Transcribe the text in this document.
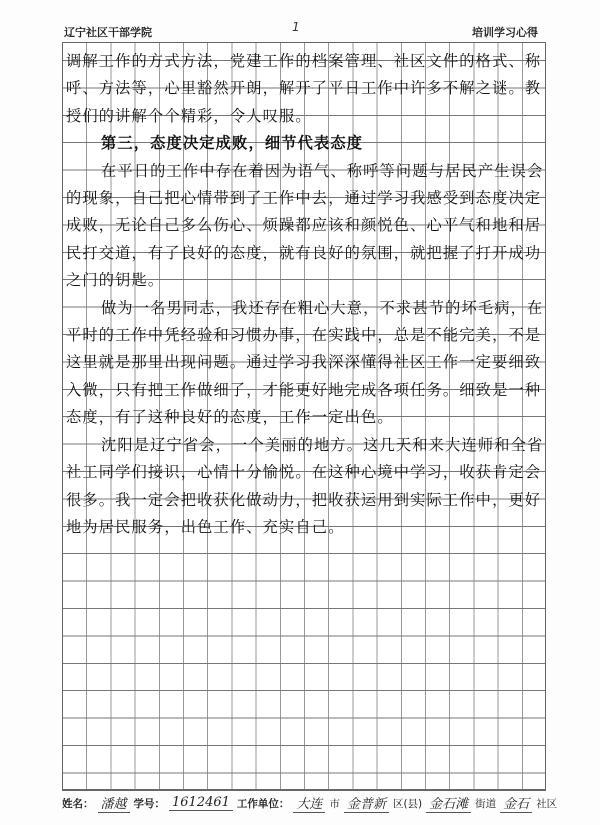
辽宁社区干部学院	1	培训学习心得

调解工作的方式方法，党建工作的档案管理、社区文件的格式、称呼、方法等，心里豁然开朗，解开了平日工作中许多不解之谜。教授们的讲解个个精彩，令人叹服。

第三，态度决定成败，细节代表态度

在平日的工作中存在着因为语气、称呼等问题与居民产生误会的现象，自己把心情带到了工作中去，通过学习我感受到态度决定成败，无论自己多么伤心、烦躁都应该和颜悦色、心平气和地和居民打交道，有了良好的态度，就有良好的氛围，就把握了打开成功之门的钥匙。

做为一名男同志，我还存在粗心大意，不求甚节的坏毛病，在平时的工作中凭经验和习惯办事，在实践中，总是不能完美，不是这里就是那里出现问题。通过学习我深深懂得社区工作一定要细致入微，只有把工作做细了，才能更好地完成各项任务。细致是一种态度，有了这种良好的态度，工作一定出色。

沈阳是辽宁省会，一个美丽的地方。这几天和来大连师和全省社工同学们接识，心情十分愉悦。在这种心境中学习，收获肯定会很多。我一定会把收获化做动力，把收获运用到实际工作中，更好地为居民服务，出色工作、充实自己。

姓名： 潘越 学号： 1612461 工作单位： 大连 市 金普新 区(县) 金石滩 街道 金石 社区
